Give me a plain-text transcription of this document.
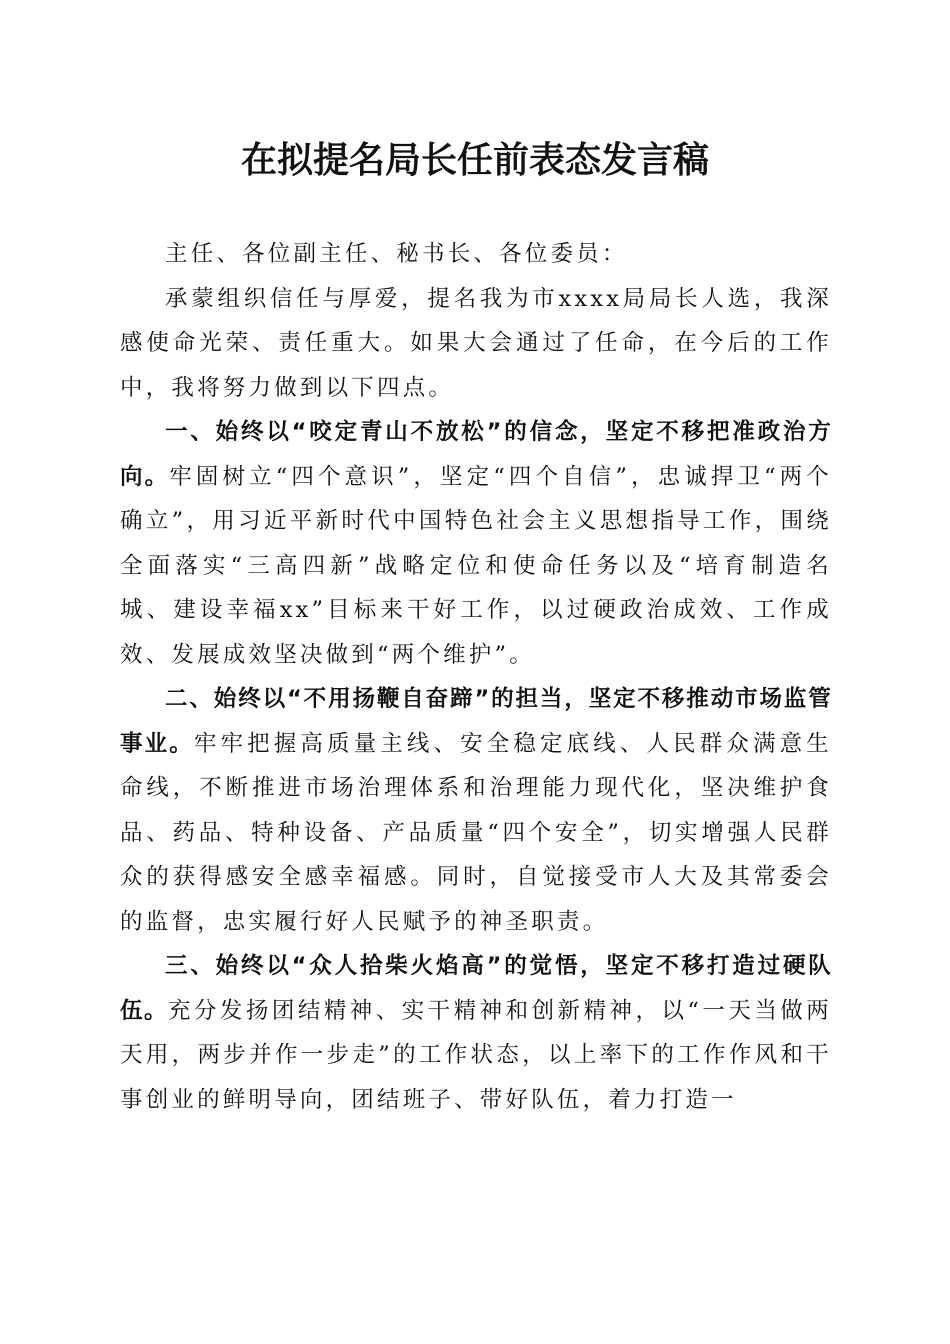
在拟提名局长任前表态发言稿

主任、各位副主任、秘书长、各位委员：

承蒙组织信任与厚爱，提名我为市xxxx局局长人选，我深感使命光荣、责任重大。如果大会通过了任命，在今后的工作中，我将努力做到以下四点。

一、始终以“咬定青山不放松”的信念，坚定不移把准政治方向。牢固树立“四个意识”，坚定“四个自信”，忠诚捍卫“两个确立”，用习近平新时代中国特色社会主义思想指导工作，围绕全面落实“三高四新”战略定位和使命任务以及“培育制造名城、建设幸福xx”目标来干好工作，以过硬政治成效、工作成效、发展成效坚决做到“两个维护”。

二、始终以“不用扬鞭自奋蹄”的担当，坚定不移推动市场监管事业。牢牢把握高质量主线、安全稳定底线、人民群众满意生命线，不断推进市场治理体系和治理能力现代化，坚决维护食品、药品、特种设备、产品质量“四个安全”，切实增强人民群众的获得感安全感幸福感。同时，自觉接受市人大及其常委会的监督，忠实履行好人民赋予的神圣职责。

三、始终以“众人拾柴火焰高”的觉悟，坚定不移打造过硬队伍。充分发扬团结精神、实干精神和创新精神，以“一天当做两天用，两步并作一步走”的工作状态，以上率下的工作作风和干事创业的鲜明导向，团结班子、带好队伍，着力打造一
